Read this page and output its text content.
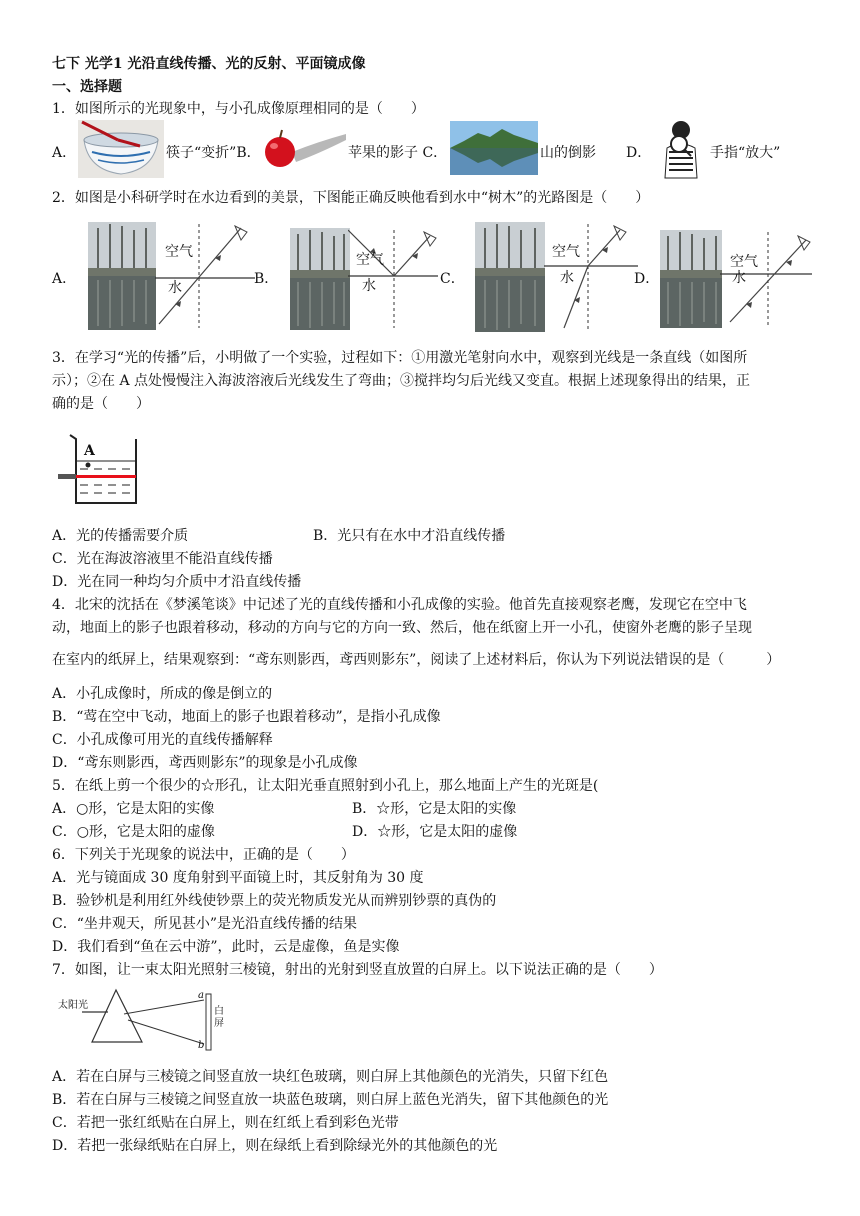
七下 光学1 光沿直线传播、光的反射、平面镜成像
一、选择题
1．如图所示的光现象中，与小孔成像原理相同的是（　　）
A．	筷子“变折”B．	苹果的影子 C．	山的倒影 D．	手指“放大”
2．如图是小科研学时在水边看到的美景，下图能正确反映他看到水中“树木”的光路图是（　　）
A．
空气
水
B．
空气
水	C．
空气
水	D．
空气
水
3．在学习“光的传播”后，小明做了一个实验，过程如下：①用激光笔射向水中，观察到光线是一条直线（如图所
示）；②在 A 点处慢慢注入海波溶液后光线发生了弯曲；③搅拌均匀后光线又变直。根据上述现象得出的结果，正
确的是（　　）
A
A．光的传播需要介质	B．光只有在水中才沿直线传播
C．光在海波溶液里不能沿直线传播
D．光在同一种均匀介质中才沿直线传播
4．北宋的沈括在《梦溪笔谈》中记述了光的直线传播和小孔成像的实验。他首先直接观察老鹰，发现它在空中飞
动，地面上的影子也跟着移动，移动的方向与它的方向一致、然后，他在纸窗上开一小孔，使窗外老鹰的影子呈现
在室内的纸屏上，结果观察到：“鸢东则影西，鸢西则影东”，阅读了上述材料后，你认为下列说法错误的是（　　　）
A．小孔成像时，所成的像是倒立的
B．“莺在空中飞动，地面上的影子也跟着移动”，是指小孔成像
C．小孔成像可用光的直线传播解释
D．“鸢东则影西，鸢西则影东”的现象是小孔成像
5．在纸上剪一个很少的☆形孔，让太阳光垂直照射到小孔上，那么地面上产生的光斑是(
A．○形，它是太阳的实像	B．☆形，它是太阳的实像
C．○形，它是太阳的虚像	D．☆形，它是太阳的虚像
6．下列关于光现象的说法中，正确的是（　　）
A．光与镜面成 30 度角射到平面镜上时，其反射角为 30 度
B．验钞机是利用红外线使钞票上的荧光物质发光从而辨别钞票的真伪的
C．“坐井观天，所见甚小”是光沿直线传播的结果
D．我们看到“鱼在云中游”，此时，云是虚像，鱼是实像
7．如图，让一束太阳光照射三棱镜，射出的光射到竖直放置的白屏上。以下说法正确的是（　　）
太阳光
白屏
a
b
A．若在白屏与三棱镜之间竖直放一块红色玻璃，则白屏上其他颜色的光消失，只留下红色
B．若在白屏与三棱镜之间竖直放一块蓝色玻璃，则白屏上蓝色光消失，留下其他颜色的光
C．若把一张红纸贴在白屏上，则在红纸上看到彩色光带
D．若把一张绿纸贴在白屏上，则在绿纸上看到除绿光外的其他颜色的光
